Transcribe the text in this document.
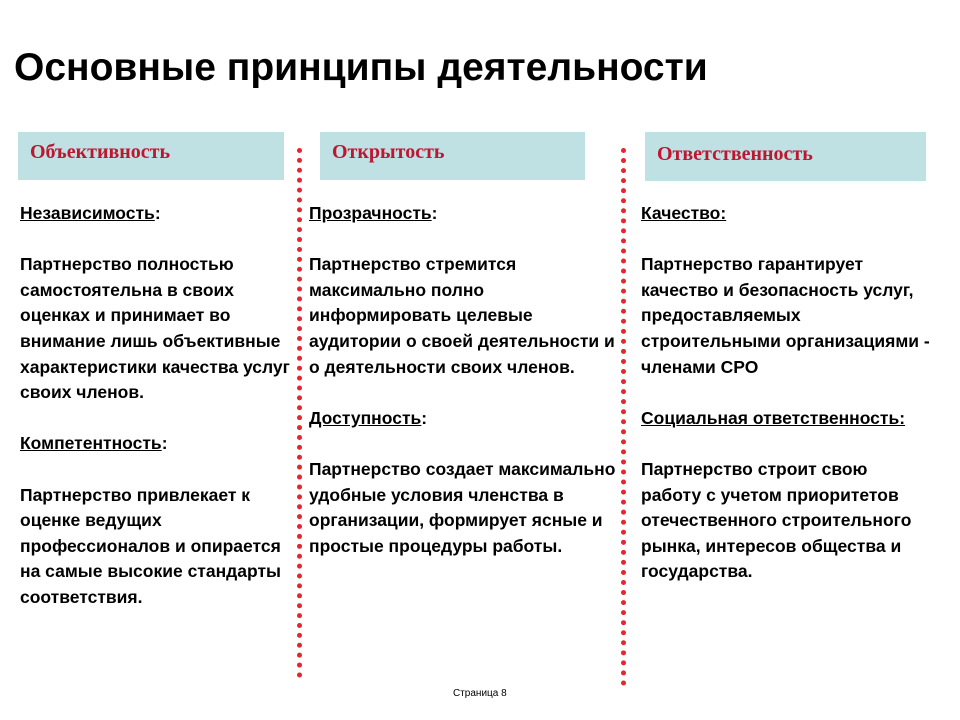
Основные принципы деятельности
Объективность	Открытость	Ответственность

Независимость:

Партнерство полностью самостоятельна в своих оценках и принимает во внимание лишь объективные характеристики качества услуг своих членов.

Компетентность:

Партнерство привлекает к оценке ведущих профессионалов и опирается на самые высокие стандарты соответствия.

Прозрачность:

Партнерство стремится максимально полно информировать целевые аудитории о своей деятельности и о деятельности своих членов.

Доступность:

Партнерство создает максимально удобные условия членства в организации, формирует ясные и простые процедуры работы.

Качество:

Партнерство гарантирует качество и безопасность услуг, предоставляемых строительными организациями - членами СРО

Социальная ответственность:

Партнерство строит свою работу с учетом приоритетов отечественного строительного рынка, интересов общества и государства.

Страница 8
